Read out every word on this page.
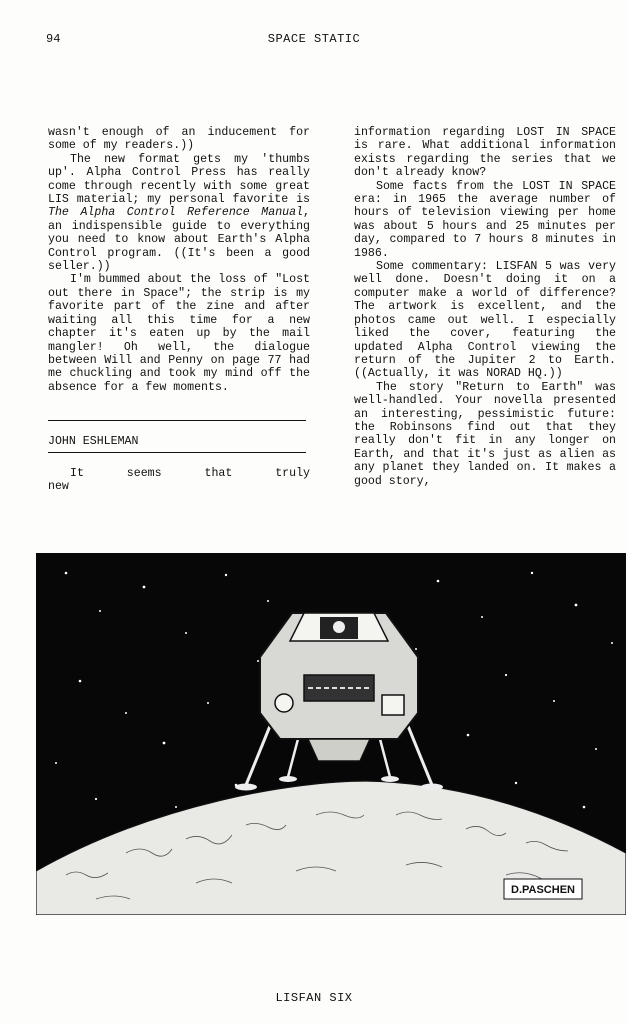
94	SPACE STATIC

wasn't enough of an inducement for some of my readers.))

The new format gets my 'thumbs up'. Alpha Control Press has really come through recently with some great LIS material; my personal favorite is The Alpha Control Reference Manual, an indispensible guide to everything you need to know about Earth's Alpha Control program. ((It's been a good seller.))

I'm bummed about the loss of "Lost out there in Space"; the strip is my favorite part of the zine and after waiting all this time for a new chapter it's eaten up by the mail mangler! Oh well, the dialogue between Will and Penny on page 77 had me chuckling and took my mind off the absence for a few moments.

JOHN ESHLEMAN

It seems that truly new

information regarding LOST IN SPACE is rare. What additional information exists regarding the series that we don't already know?

Some facts from the LOST IN SPACE era: in 1965 the average number of hours of television viewing per home was about 5 hours and 25 minutes per day, compared to 7 hours 8 minutes in 1986.

Some commentary: LISFAN 5 was very well done. Doesn't doing it on a computer make a world of difference? The artwork is excellent, and the photos came out well. I especially liked the cover, featuring the updated Alpha Control viewing the return of the Jupiter 2 to Earth. ((Actually, it was NORAD HQ.))

The story "Return to Earth" was well-handled. Your novella presented an interesting, pessimistic future: the Robinsons find out that they really don't fit in any longer on Earth, and that it's just as alien as any planet they landed on. It makes a good story,

D.PASCHEN
LISFAN SIX
